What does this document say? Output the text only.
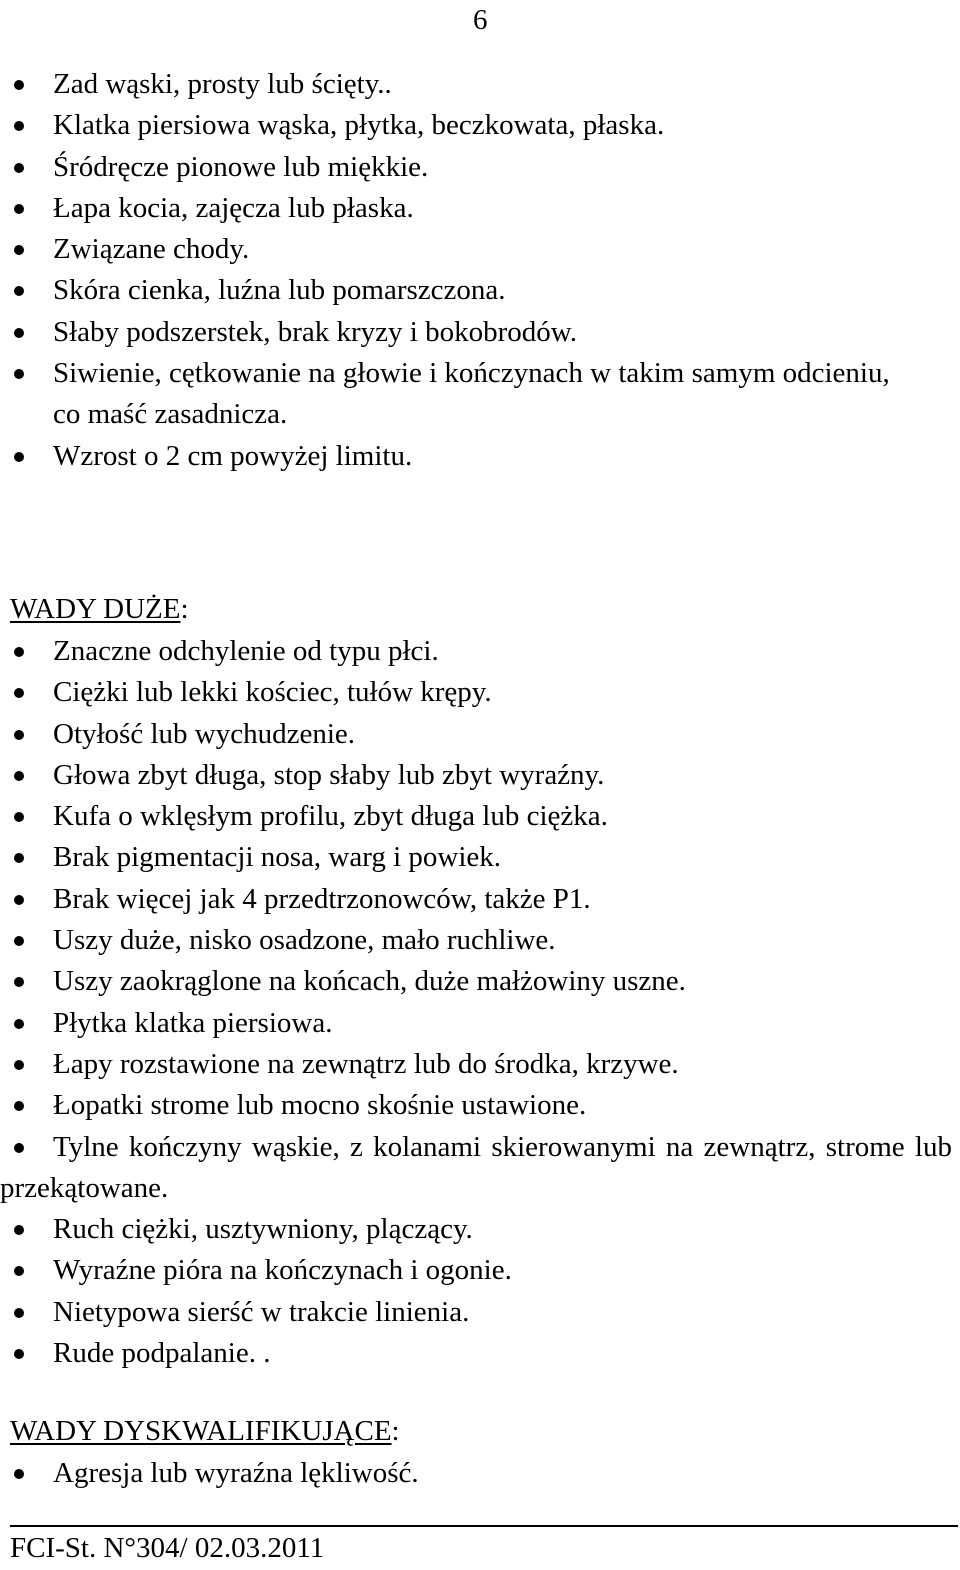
6
Zad wąski, prosty lub ścięty..
Klatka piersiowa wąska, płytka, beczkowata, płaska.
Śródręcze pionowe lub miękkie.
Łapa kocia, zajęcza lub płaska.
Związane chody.
Skóra cienka, luźna lub pomarszczona.
Słaby podszerstek, brak kryzy i bokobrodów.
Siwienie, cętkowanie na głowie i kończynach w takim samym odcieniu, co maść zasadnicza.
Wzrost o 2 cm powyżej limitu.
WADY DUŻE:
Znaczne odchylenie od typu płci.
Ciężki lub lekki kościec, tułów krępy.
Otyłość lub wychudzenie.
Głowa zbyt długa, stop słaby lub zbyt wyraźny.
Kufa o wklęsłym profilu, zbyt długa lub ciężka.
Brak pigmentacji nosa, warg i powiek.
Brak więcej jak 4 przedtrzonowców, także P1.
Uszy duże, nisko osadzone, mało ruchliwe.
Uszy zaokrąglone na końcach, duże małżowiny uszne.
Płytka klatka piersiowa.
Łapy rozstawione na zewnątrz lub do środka, krzywe.
Łopatki strome lub mocno skośnie ustawione.
Tylne kończyny wąskie, z kolanami skierowanymi na zewnątrz, strome lub przekątowane.
Ruch ciężki, usztywniony, plączący.
Wyraźne pióra na kończynach i ogonie.
Nietypowa sierść w trakcie linienia.
Rude podpalanie. .
WADY DYSKWALIFIKUJĄCE:
Agresja lub wyraźna lękliwość.
FCI-St. N°304/ 02.03.2011
